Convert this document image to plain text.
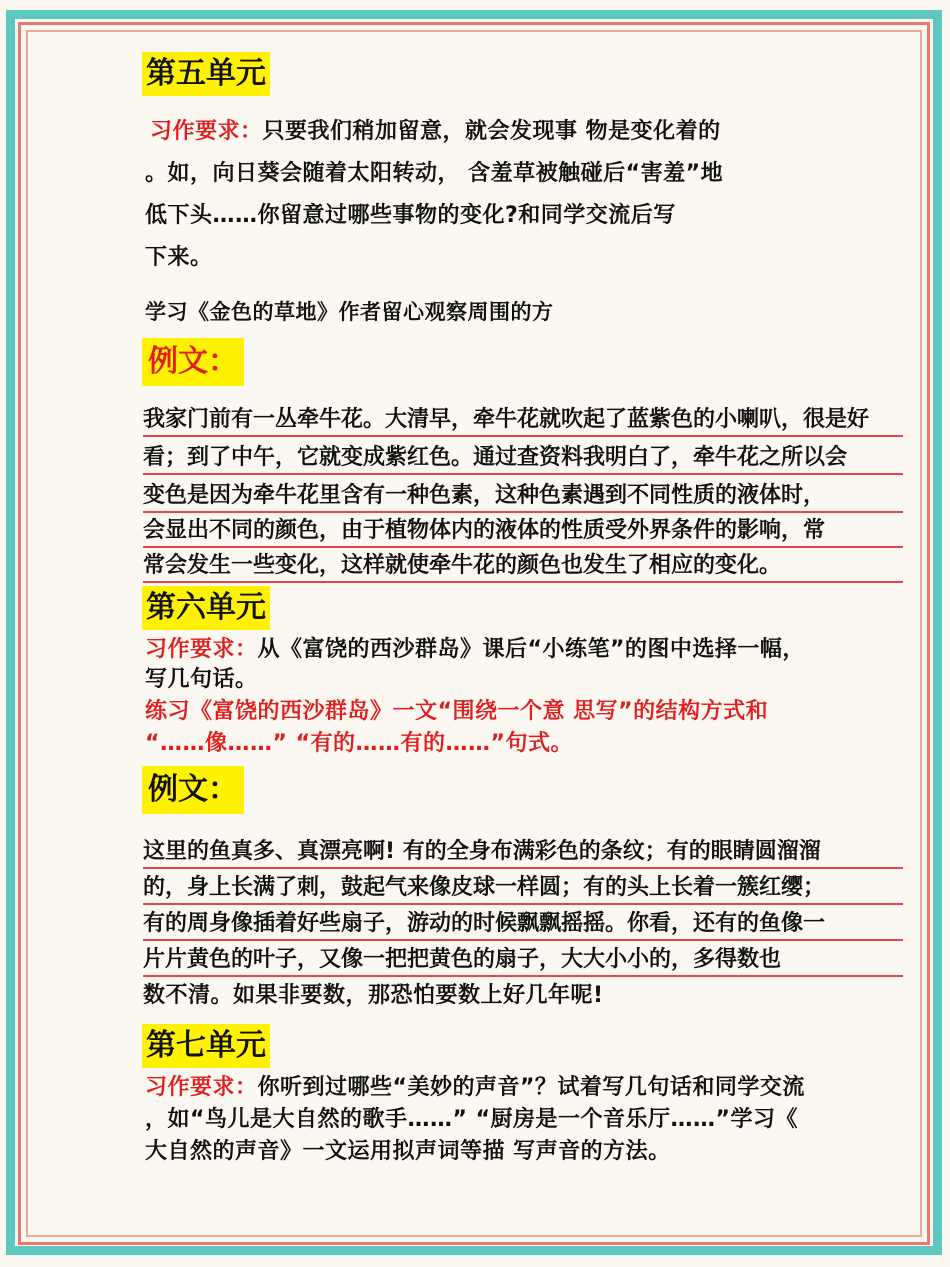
第五单元
习作要求：只要我们稍加留意，就会发现事 物是变化着的
。如，向日葵会随着太阳转动， 含羞草被触碰后“害羞”地
低下头……你留意过哪些事物的变化?和同学交流后写
下来。
学习《金色的草地》作者留心观察周围的方
例文：
我家门前有一丛牵牛花。大清早，牵牛花就吹起了蓝紫色的小喇叭，很是好
看；到了中午，它就变成紫红色。通过查资料我明白了，牵牛花之所以会
变色是因为牵牛花里含有一种色素，这种色素遇到不同性质的液体时，
会显出不同的颜色，由于植物体内的液体的性质受外界条件的影响，常
常会发生一些变化，这样就使牵牛花的颜色也发生了相应的变化。
第六单元
习作要求：从《富饶的西沙群岛》课后“小练笔”的图中选择一幅，
写几句话。
练习《富饶的西沙群岛》一文“围绕一个意 思写”的结构方式和
“……像……” “有的……有的……”句式。
例文：
这里的鱼真多、真漂亮啊! 有的全身布满彩色的条纹；有的眼睛圆溜溜
的，身上长满了刺，鼓起气来像皮球一样圆；有的头上长着一簇红缨；
有的周身像插着好些扇子，游动的时候飘飘摇摇。你看，还有的鱼像一
片片黄色的叶子，又像一把把黄色的扇子，大大小小的，多得数也
数不清。如果非要数，那恐怕要数上好几年呢!
第七单元
习作要求：你听到过哪些“美妙的声音”？试着写几句话和同学交流
，如“鸟儿是大自然的歌手……” “厨房是一个音乐厅……”学习《
大自然的声音》一文运用拟声词等描 写声音的方法。
